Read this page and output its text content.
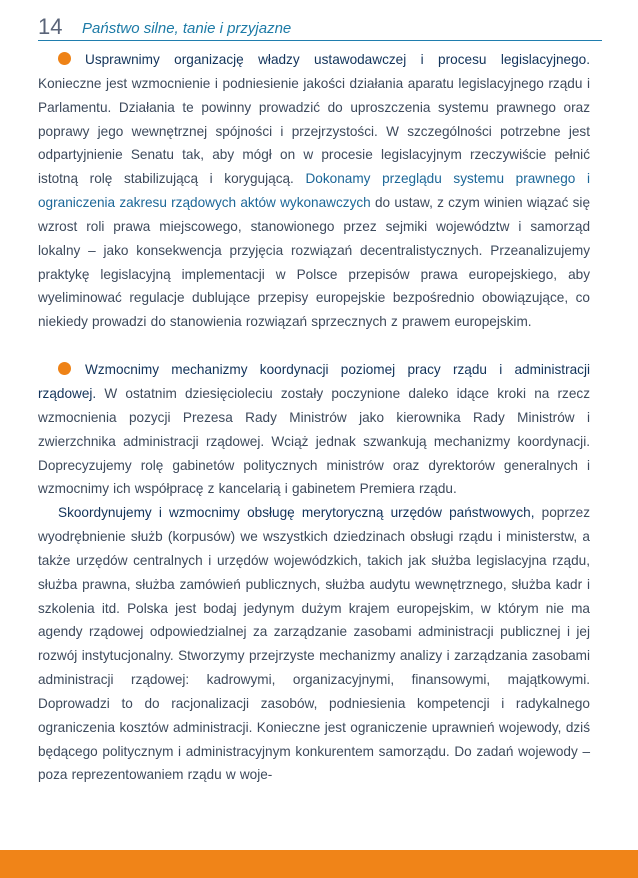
14 Państwo silne, tanie i przyjazne

Usprawnimy organizację władzy ustawodawczej i procesu legislacyjnego. Konieczne jest wzmocnienie i podniesienie jakości działania aparatu legislacyjnego rządu i Parlamentu. Działania te powinny prowadzić do uproszczenia systemu prawnego oraz poprawy jego wewnętrznej spójności i przejrzystości. W szczególności potrzebne jest odpartyjnienie Senatu tak, aby mógł on w procesie legislacyjnym rzeczywiście pełnić istotną rolę stabilizującą i korygującą. Dokonamy przeglądu systemu prawnego i ograniczenia zakresu rządowych aktów wykonawczych do ustaw, z czym winien wiązać się wzrost roli prawa miejscowego, stanowionego przez sejmiki województw i samorząd lokalny – jako konsekwencja przyjęcia rozwiązań decentralistycznych. Przeanalizujemy praktykę legislacyjną implementacji w Polsce przepisów prawa europejskiego, aby wyeliminować regulacje dublujące przepisy europejskie bezpośrednio obowiązujące, co niekiedy prowadzi do stanowienia rozwiązań sprzecznych z prawem europejskim.

Wzmocnimy mechanizmy koordynacji poziomej pracy rządu i administracji rządowej. W ostatnim dziesięcioleciu zostały poczynione daleko idące kroki na rzecz wzmocnienia pozycji Prezesa Rady Ministrów jako kierownika Rady Ministrów i zwierzchnika administracji rządowej. Wciąż jednak szwankują mechanizmy koordynacji. Doprecyzujemy rolę gabinetów politycznych ministrów oraz dyrektorów generalnych i wzmocnimy ich współpracę z kancelarią i gabinetem Premiera rządu.

Skoordynujemy i wzmocnimy obsługę merytoryczną urzędów państwowych, poprzez wyodrębnienie służb (korpusów) we wszystkich dziedzinach obsługi rządu i ministerstw, a także urzędów centralnych i urzędów wojewódzkich, takich jak służba legislacyjna rządu, służba prawna, służba zamówień publicznych, służba audytu wewnętrznego, służba kadr i szkolenia itd. Polska jest bodaj jedynym dużym krajem europejskim, w którym nie ma agendy rządowej odpowiedzialnej za zarządzanie zasobami administracji publicznej i jej rozwój instytucjonalny. Stworzymy przejrzyste mechanizmy analizy i zarządzania zasobami administracji rządowej: kadrowymi, organizacyjnymi, finansowymi, majątkowymi. Doprowadzi to do racjonalizacji zasobów, podniesienia kompetencji i radykalnego ograniczenia kosztów administracji. Konieczne jest ograniczenie uprawnień wojewody, dziś będącego politycznym i administracyjnym konkurentem samorządu. Do zadań wojewody – poza reprezentowaniem rządu w woje-
